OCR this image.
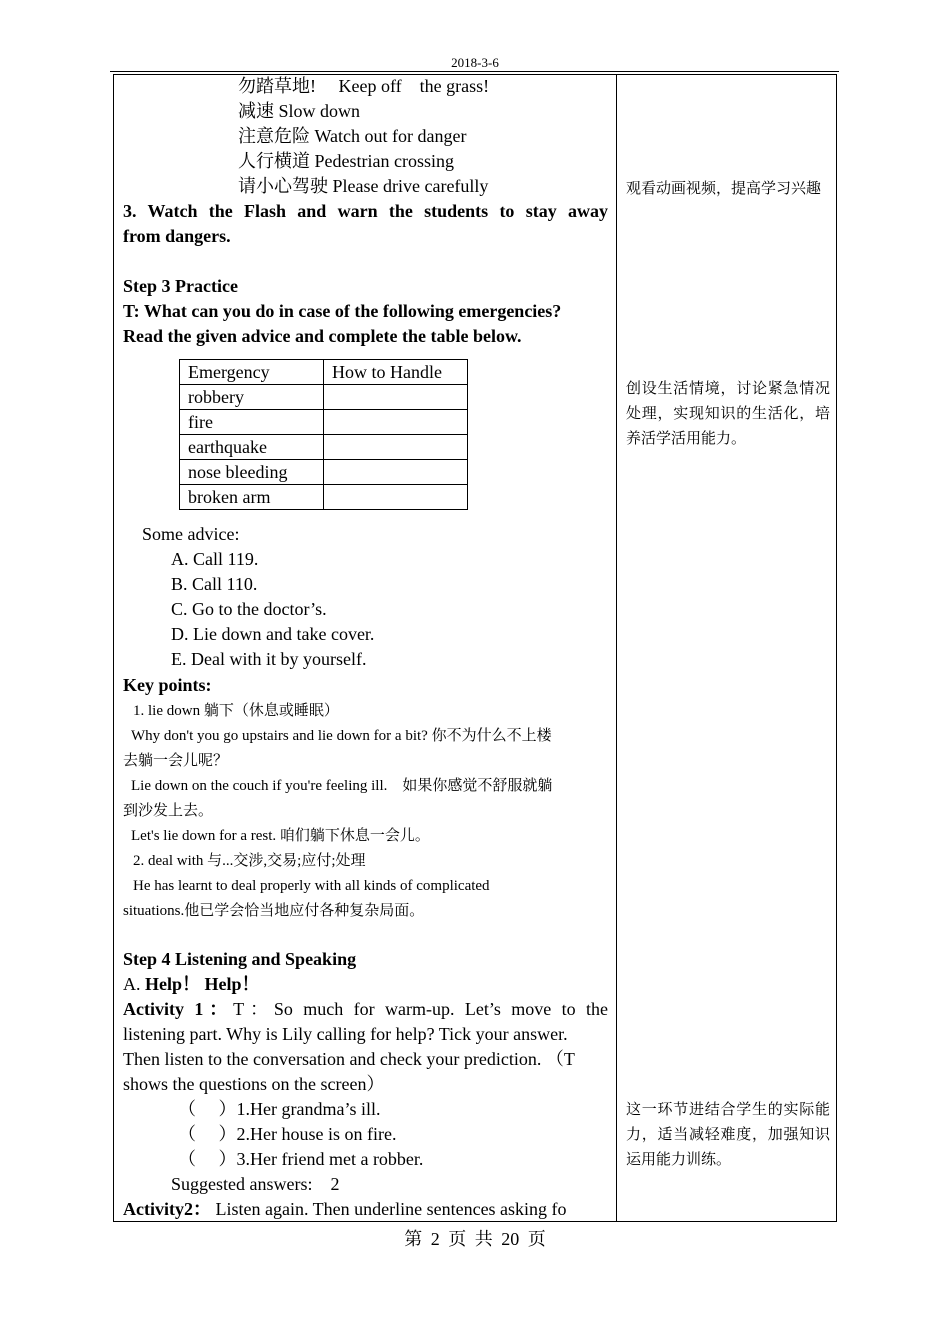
2018-3-6
勿踏草地!　 Keep off　the grass!
减速 Slow down
注意危险 Watch out for danger
人行横道 Pedestrian crossing
请小心驾驶 Please drive carefully
3. Watch the Flash and warn the students to stay away
from dangers.
Step 3 Practice
T: What can you do in case of the following emergencies?
Read the given advice and complete the table below.
Some advice:
A. Call 119.
B. Call 110.
C. Go to the doctor’s.
D. Lie down and take cover.
E. Deal with it by yourself.
Key points:
1. lie down 躺下（休息或睡眠）
Why don't you go upstairs and lie down for a bit? 你不为什么不上楼
去躺一会儿呢？
Lie down on the couch if you're feeling ill.　如果你感觉不舒服就躺
到沙发上去。
Let's lie down for a rest. 咱们躺下休息一会儿。
2. deal with 与...交涉,交易;应付;处理
He has learnt to deal properly with all kinds of complicated
situations.他已学会恰当地应付各种复杂局面。
Step 4 Listening and Speaking
A. Help！ Help！
Activity 1：T：So much for warm-up. Let’s move to the
listening part. Why is Lily calling for help? Tick your answer.
Then listen to the conversation and check your prediction. （T
shows the questions on the screen）
（　 ）1.Her grandma’s ill.
（　 ）2.Her house is on fire.
（　 ）3.Her friend met a robber.
Suggested answers:　2
Activity2： Listen again. Then underline sentences asking fo
Emergency	How to Handle
robbery	
fire	
earthquake	
nose bleeding	
broken arm	
观看动画视频，提高学习兴趣
创设生活情境，讨论紧急情况处理，实现知识的生活化，培养活学活用能力。
这一环节进结合学生的实际能力，适当减轻难度，加强知识运用能力训练。
第 2 页 共 20 页
